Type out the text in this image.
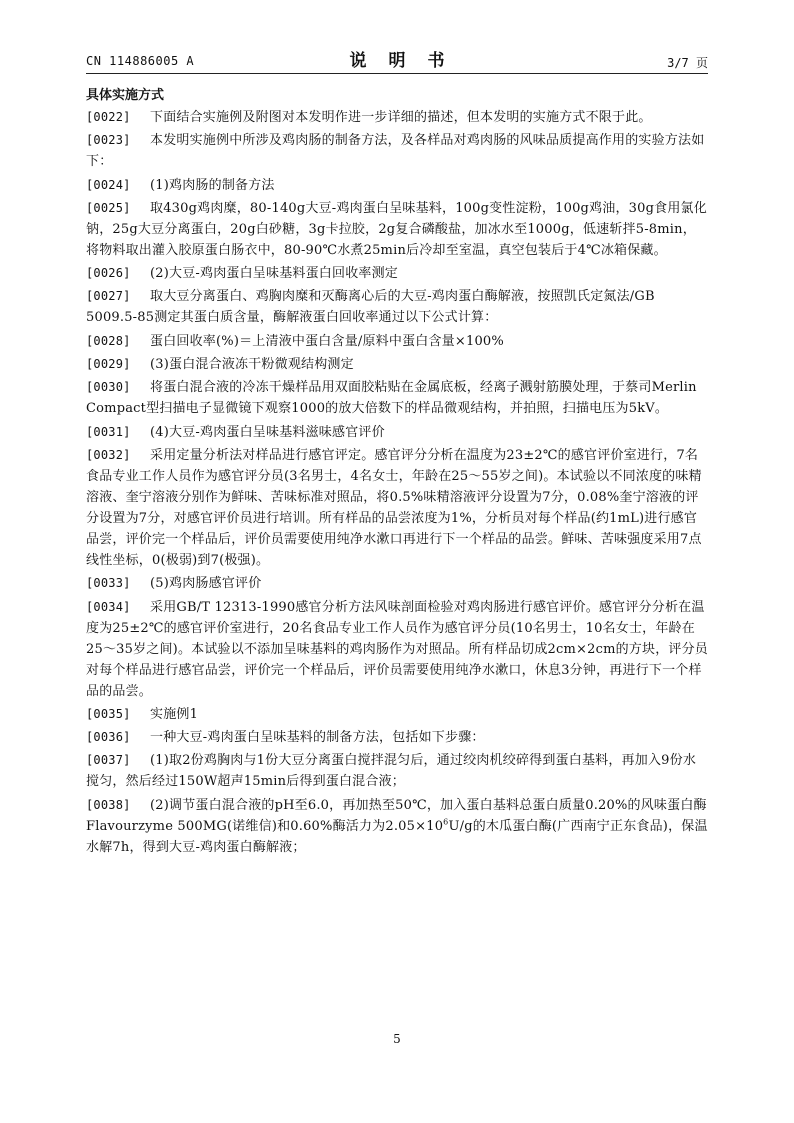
CN 114886005 A	说明书	3/7 页
具体实施方式

[0022] 下面结合实施例及附图对本发明作进一步详细的描述，但本发明的实施方式不限于此。

[0023] 本发明实施例中所涉及鸡肉肠的制备方法，及各样品对鸡肉肠的风味品质提高作用的实验方法如下：

[0024] (1)鸡肉肠的制备方法

[0025] 取430g鸡肉糜，80-140g大豆-鸡肉蛋白呈味基料，100g变性淀粉，100g鸡油，30g食用氯化钠，25g大豆分离蛋白，20g白砂糖，3g卡拉胶，2g复合磷酸盐，加冰水至1000g，低速斩拌5-8min，将物料取出灌入胶原蛋白肠衣中，80-90℃水煮25min后冷却至室温，真空包装后于4℃冰箱保藏。

[0026] (2)大豆-鸡肉蛋白呈味基料蛋白回收率测定

[0027] 取大豆分离蛋白、鸡胸肉糜和灭酶离心后的大豆-鸡肉蛋白酶解液，按照凯氏定氮法/GB 5009.5-85测定其蛋白质含量，酶解液蛋白回收率通过以下公式计算：

[0028] 蛋白回收率(%)＝上清液中蛋白含量/原料中蛋白含量×100%

[0029] (3)蛋白混合液冻干粉微观结构测定

[0030] 将蛋白混合液的冷冻干燥样品用双面胶粘贴在金属底板，经离子溅射筋膜处理，于蔡司Merlin Compact型扫描电子显微镜下观察1000的放大倍数下的样品微观结构，并拍照，扫描电压为5kV。

[0031] (4)大豆-鸡肉蛋白呈味基料滋味感官评价

[0032] 采用定量分析法对样品进行感官评定。感官评分分析在温度为23±2℃的感官评价室进行，7名食品专业工作人员作为感官评分员(3名男士，4名女士，年龄在25～55岁之间)。本试验以不同浓度的味精溶液、奎宁溶液分别作为鲜味、苦味标准对照品，将0.5%味精溶液评分设置为7分，0.08%奎宁溶液的评分设置为7分，对感官评价员进行培训。所有样品的品尝浓度为1%，分析员对每个样品(约1mL)进行感官品尝，评价完一个样品后，评价员需要使用纯净水漱口再进行下一个样品的品尝。鲜味、苦味强度采用7点线性坐标，0(极弱)到7(极强)。

[0033] (5)鸡肉肠感官评价

[0034] 采用GB/T 12313-1990感官分析方法风味剖面检验对鸡肉肠进行感官评价。感官评分分析在温度为25±2℃的感官评价室进行，20名食品专业工作人员作为感官评分员(10名男士，10名女士，年龄在25～35岁之间)。本试验以不添加呈味基料的鸡肉肠作为对照品。所有样品切成2cm×2cm的方块，评分员对每个样品进行感官品尝，评价完一个样品后，评价员需要使用纯净水漱口，休息3分钟，再进行下一个样品的品尝。

[0035] 实施例1

[0036] 一种大豆-鸡肉蛋白呈味基料的制备方法，包括如下步骤：

[0037] (1)取2份鸡胸肉与1份大豆分离蛋白搅拌混匀后，通过绞肉机绞碎得到蛋白基料，再加入9份水搅匀，然后经过150W超声15min后得到蛋白混合液；

[0038] (2)调节蛋白混合液的pH至6.0，再加热至50℃，加入蛋白基料总蛋白质量0.20%的风味蛋白酶Flavourzyme 500MG(诺维信)和0.60%酶活力为$2.05\times 10^6U/g$的木瓜蛋白酶(广西南宁正东食品)，保温水解7h，得到大豆-鸡肉蛋白酶解液；

5
